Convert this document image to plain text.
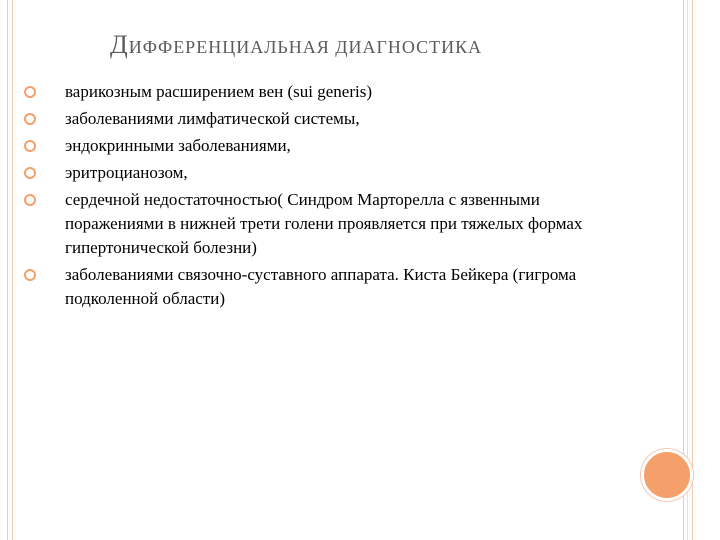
ДИФФЕРЕНЦИАЛЬНАЯ ДИАГНОСТИКА
варикозным расширением вен (sui generis)
заболеваниями лимфатической системы,
эндокринными заболеваниями,
эритроцианозом,
сердечной недостаточностью( Синдром Марторелла с язвенными поражениями в нижней трети голени проявляется при тяжелых формах гипертонической болезни)
заболеваниями связочно-суставного аппарата. Киста Бейкера (гигрома подколенной области)
